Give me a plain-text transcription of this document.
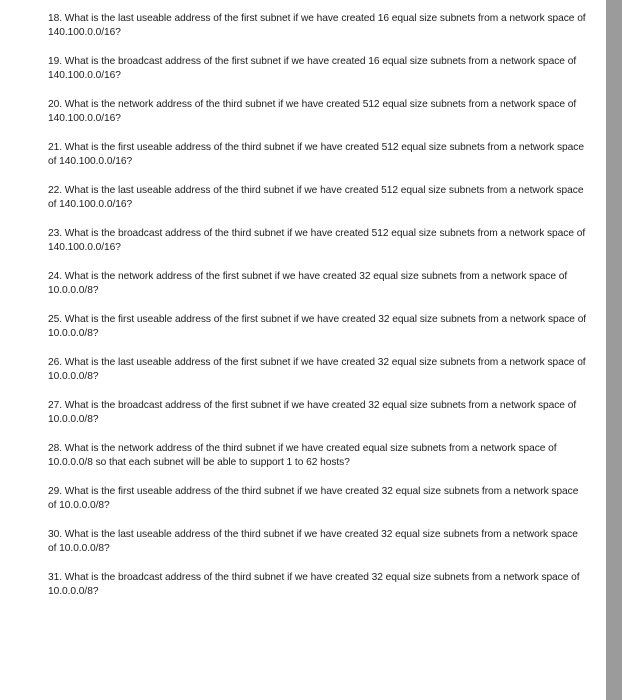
18. What is the last useable address of the first subnet if we have created 16 equal size subnets from a network space of 140.100.0.0/16?
19. What is the broadcast address of the first subnet if we have created 16 equal size subnets from a network space of 140.100.0.0/16?
20. What is the network address of the third subnet if we have created 512 equal size subnets from a network space of 140.100.0.0/16?
21. What is the first useable address of the third subnet if we have created 512 equal size subnets from a network space of 140.100.0.0/16?
22. What is the last useable address of the third subnet if we have created 512 equal size subnets from a network space of 140.100.0.0/16?
23. What is the broadcast address of the third subnet if we have created 512 equal size subnets from a network space of 140.100.0.0/16?
24. What is the network address of the first subnet if we have created 32 equal size subnets from a network space of 10.0.0.0/8?
25. What is the first useable address of the first subnet if we have created 32 equal size subnets from a network space of 10.0.0.0/8?
26. What is the last useable address of the first subnet if we have created 32 equal size subnets from a network space of 10.0.0.0/8?
27. What is the broadcast address of the first subnet if we have created 32 equal size subnets from a network space of 10.0.0.0/8?
28. What is the network address of the third subnet if we have created equal size subnets from a network space of 10.0.0.0/8 so that each subnet will be able to support 1 to 62 hosts?
29. What is the first useable address of the third subnet if we have created 32 equal size subnets from a network space of 10.0.0.0/8?
30. What is the last useable address of the third subnet if we have created 32 equal size subnets from a network space of 10.0.0.0/8?
31. What is the broadcast address of the third subnet if we have created 32 equal size subnets from a network space of 10.0.0.0/8?
